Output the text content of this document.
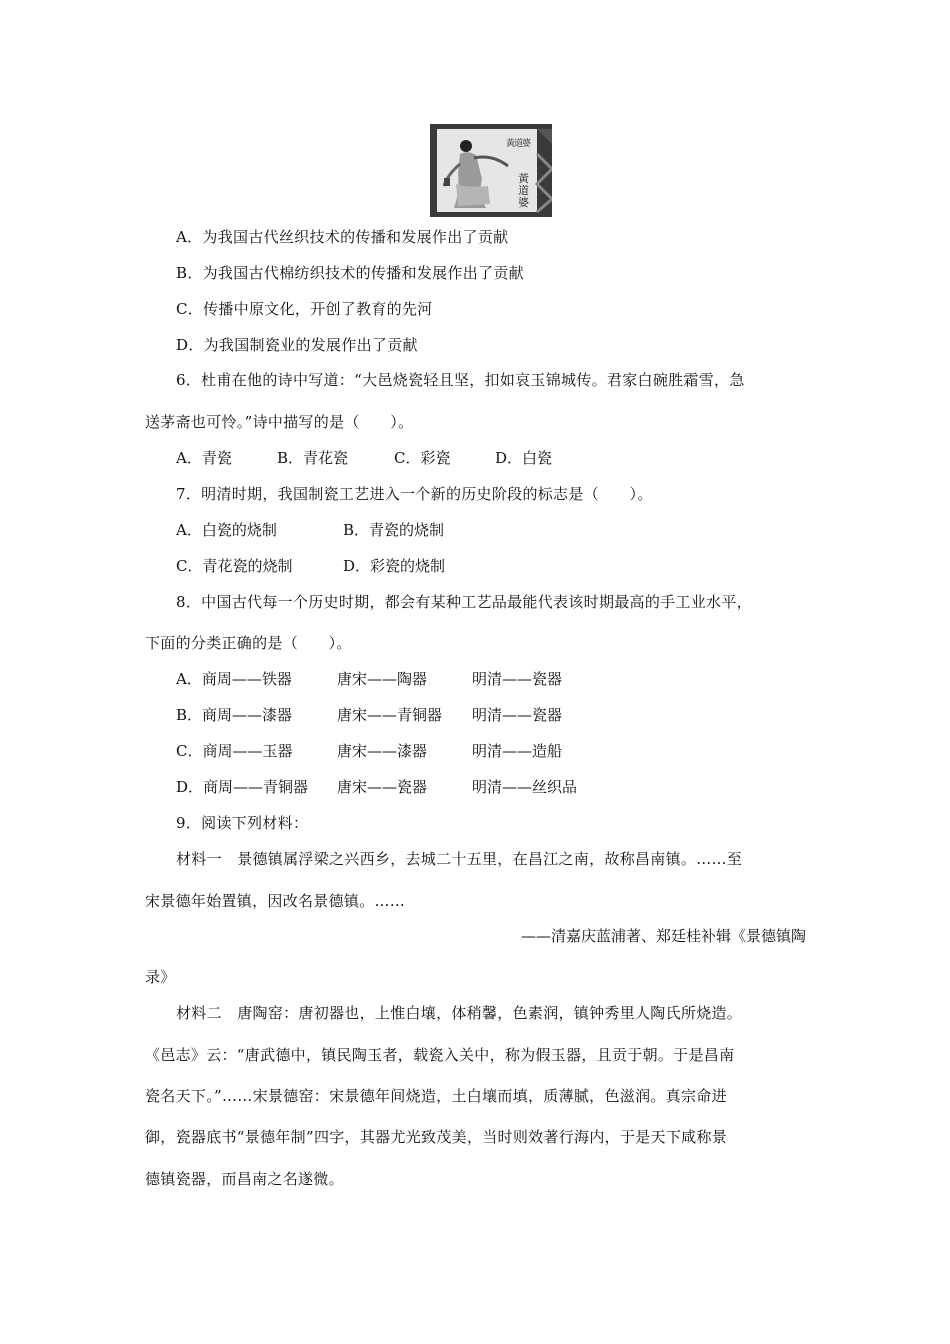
黃
道
婆
黃
道
婆
A．为我国古代丝织技术的传播和发展作出了贡献
B．为我国古代棉纺织技术的传播和发展作出了贡献
C．传播中原文化，开创了教育的先河
D．为我国制瓷业的发展作出了贡献
6．杜甫在他的诗中写道：“大邑烧瓷轻且坚，扣如哀玉锦城传。君家白碗胜霜雪，急
送茅斋也可怜。”诗中描写的是（　　）。
A．青瓷	B．青花瓷	C．彩瓷	D．白瓷
7．明清时期，我国制瓷工艺进入一个新的历史阶段的标志是（　　）。
A．白瓷的烧制	B．青瓷的烧制
C．青花瓷的烧制	D．彩瓷的烧制
8．中国古代每一个历史时期，都会有某种工艺品最能代表该时期最高的手工业水平，
下面的分类正确的是（　　）。
A．商周——铁器	唐宋——陶器	明清——瓷器
B．商周——漆器	唐宋——青铜器 明清——瓷器
C．商周——玉器	唐宋——漆器	明清——造船
D．商周——青铜器 唐宋——瓷器	明清——丝织品
9．阅读下列材料：
材料一　景德镇属浮梁之兴西乡，去城二十五里，在昌江之南，故称昌南镇。……至
宋景德年始置镇，因改名景德镇。……
——清嘉庆蓝浦著、郑廷桂补辑《景德镇陶
录》
材料二　唐陶窑：唐初器也，上惟白壤，体稍馨，色素润，镇钟秀里人陶氏所烧造。
《邑志》云：“唐武德中，镇民陶玉者，载瓷入关中，称为假玉器，且贡于朝。于是昌南
瓷名天下。”……宋景德窑：宋景德年间烧造，土白壤而填，质薄腻，色滋润。真宗命进
御，瓷器底书“景德年制”四字，其器尤光致茂美，当时则效著行海内，于是天下咸称景
德镇瓷器，而昌南之名遂微。
